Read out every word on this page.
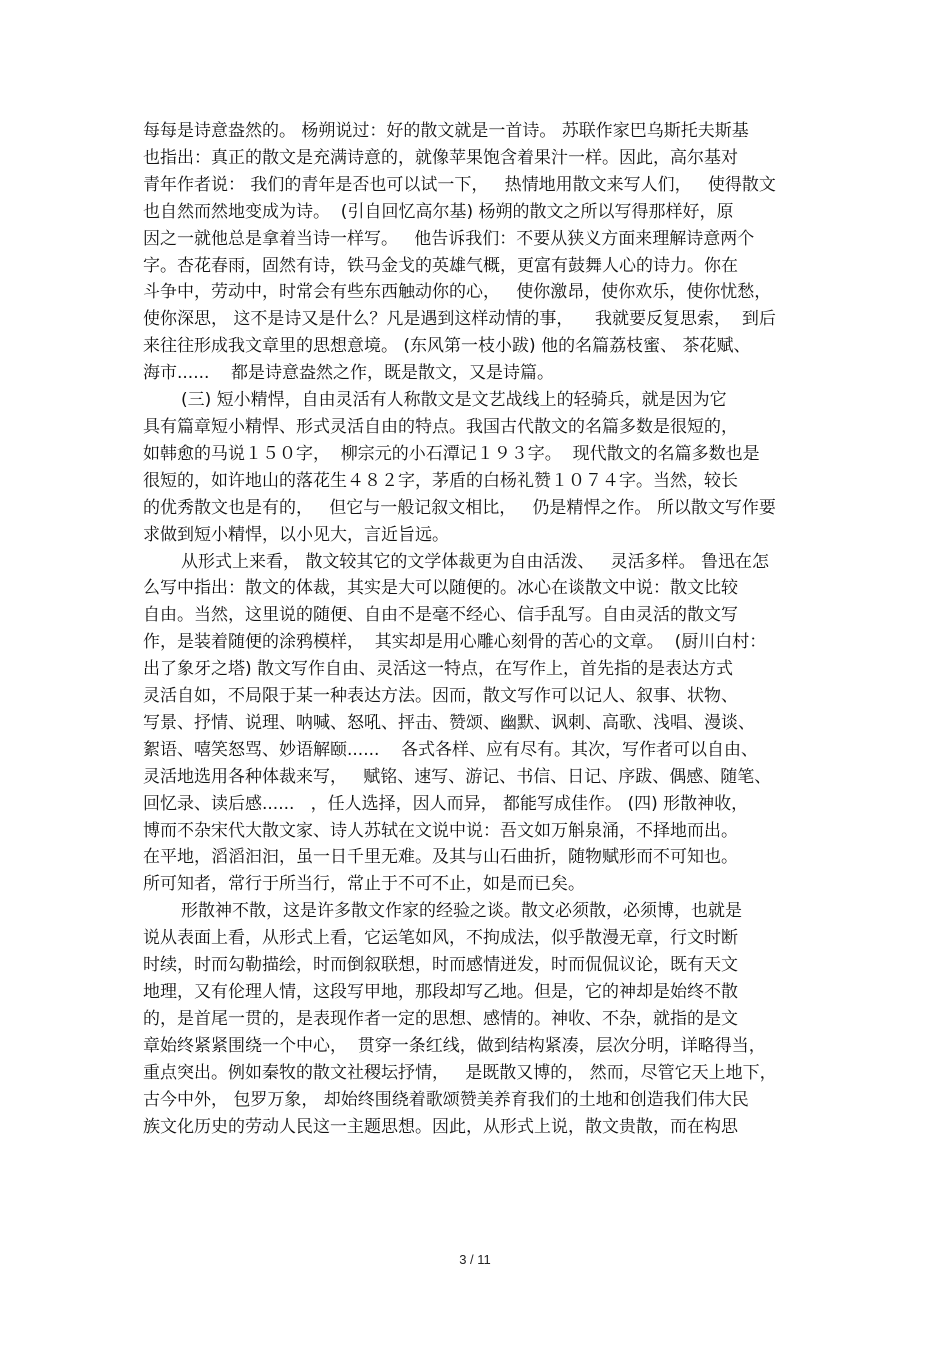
每每是诗意盎然的。 杨朔说过：好的散文就是一首诗。 苏联作家巴乌斯托夫斯基

也指出：真正的散文是充满诗意的，就像苹果饱含着果汁一样。因此，高尔基对

青年作者说： 我们的青年是否也可以试一下，   热情地用散文来写人们，   使得散文

也自然而然地变成为诗。  (引自回忆高尔基) 杨朔的散文之所以写得那样好，原

因之一就他总是拿着当诗一样写。   他告诉我们：不要从狭义方面来理解诗意两个

字。杏花春雨，固然有诗，铁马金戈的英雄气概，更富有鼓舞人心的诗力。你在

斗争中，劳动中，时常会有些东西触动你的心，   使你激昂，使你欢乐，使你忧愁，

使你深思， 这不是诗又是什么？凡是遇到这样动情的事，    我就要反复思索，  到后

来往往形成我文章里的思想意境。 (东风第一枝小跋) 他的名篇荔枝蜜、 茶花赋、

海市......    都是诗意盎然之作，既是散文，又是诗篇。

(三) 短小精悍，自由灵活有人称散文是文艺战线上的轻骑兵，就是因为它

具有篇章短小精悍、形式灵活自由的特点。我国古代散文的名篇多数是很短的，

如韩愈的马说１５０字，  柳宗元的小石潭记１９３字。  现代散文的名篇多数也是

很短的，如许地山的落花生４８２字，茅盾的白杨礼赞１０７４字。当然，较长

的优秀散文也是有的，   但它与一般记叙文相比，   仍是精悍之作。 所以散文写作要

求做到短小精悍，以小见大，言近旨远。

从形式上来看， 散文较其它的文学体裁更为自由活泼、   灵活多样。 鲁迅在怎

么写中指出：散文的体裁，其实是大可以随便的。冰心在谈散文中说：散文比较

自由。当然，这里说的随便、自由不是毫不经心、信手乱写。自由灵活的散文写

作，是装着随便的涂鸦模样，  其实却是用心雕心刻骨的苦心的文章。  (厨川白村：

出了象牙之塔) 散文写作自由、灵活这一特点，在写作上，首先指的是表达方式

灵活自如，不局限于某一种表达方法。因而，散文写作可以记人、叙事、状物、

写景、抒情、说理、呐喊、怒吼、抨击、赞颂、幽默、讽刺、高歌、浅唱、漫谈、

絮语、嘻笑怒骂、妙语解颐......    各式各样、应有尽有。其次，写作者可以自由、

灵活地选用各种体裁来写，   赋铭、速写、游记、书信、日记、序跋、偶感、随笔、

回忆录、读后感......   ，任人选择，因人而异， 都能写成佳作。 (四) 形散神收，

博而不杂宋代大散文家、诗人苏轼在文说中说：吾文如万斛泉涌，不择地而出。

在平地，滔滔汩汩，虽一日千里无难。及其与山石曲折，随物赋形而不可知也。

所可知者，常行于所当行，常止于不可不止，如是而已矣。

形散神不散，这是许多散文作家的经验之谈。散文必须散，必须博，也就是

说从表面上看，从形式上看，它运笔如风，不拘成法，似乎散漫无章，行文时断

时续，时而勾勒描绘，时而倒叙联想，时而感情迸发，时而侃侃议论，既有天文

地理，又有伦理人情，这段写甲地，那段却写乙地。但是，它的神却是始终不散

的，是首尾一贯的，是表现作者一定的思想、感情的。神收、不杂，就指的是文

章始终紧紧围绕一个中心，  贯穿一条红线，做到结构紧凑，层次分明，详略得当，

重点突出。例如秦牧的散文社稷坛抒情，   是既散又博的， 然而，尽管它天上地下，

古今中外， 包罗万象， 却始终围绕着歌颂赞美养育我们的土地和创造我们伟大民

族文化历史的劳动人民这一主题思想。因此，从形式上说，散文贵散，而在构思

3 / 11
